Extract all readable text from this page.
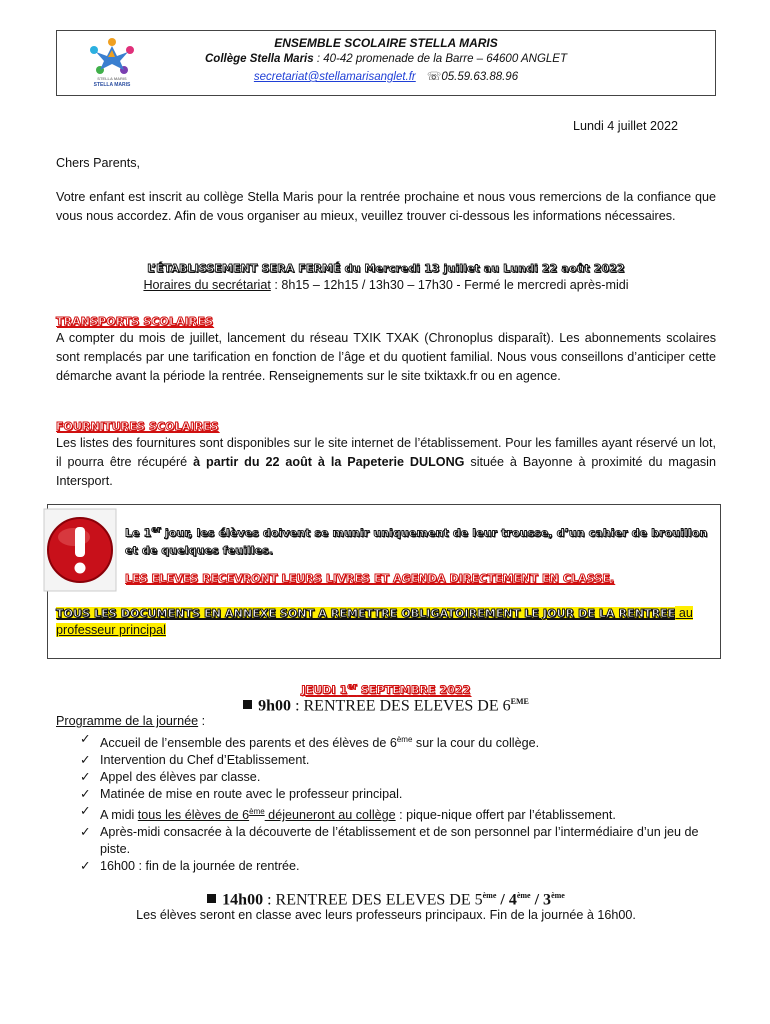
STELLA MARIS
STELLA MARIS
ENSEMBLE SCOLAIRE STELLA MARIS
Collège Stella Maris : 40-42 promenade de la Barre – 64600 ANGLET
secretariat@stellamarisanglet.fr ☏05.59.63.88.96
Lundi 4 juillet 2022
Chers Parents,
Votre enfant est inscrit au collège Stella Maris pour la rentrée prochaine et nous vous remercions de la confiance que vous nous accordez. Afin de vous organiser au mieux, veuillez trouver ci-dessous les informations nécessaires.
L’ÉTABLISSEMENT SERA FERMÉ du Mercredi 13 juillet au Lundi 22 août 2022
Horaires du secrétariat : 8h15 – 12h15 / 13h30 – 17h30 - Fermé le mercredi après-midi
TRANSPORTS SCOLAIRES
A compter du mois de juillet, lancement du réseau TXIK TXAK (Chronoplus disparaît). Les abonnements scolaires sont remplacés par une tarification en fonction de l’âge et du quotient familial. Nous vous conseillons d’anticiper cette démarche avant la période la rentrée. Renseignements sur le site txiktaxk.fr ou en agence.
FOURNITURES SCOLAIRES
Les listes des fournitures sont disponibles sur le site internet de l’établissement. Pour les familles ayant réservé un lot, il pourra être récupéré à partir du 22 août à la Papeterie DULONG située à Bayonne à proximité du magasin Intersport.
Le 1er jour, les élèves doivent se munir uniquement de leur trousse, d’un cahier de brouillon et de quelques feuilles.
LES ELEVES RECEVRONT LEURS LIVRES ET AGENDA DIRECTEMENT EN CLASSE.
TOUS LES DOCUMENTS EN ANNEXE SONT A REMETTRE OBLIGATOIREMENT LE JOUR DE LA RENTREE au professeur principal
JEUDI 1er SEPTEMBRE 2022
9h00 : RENTREE DES ELEVES DE 6EME
Programme de la journée :
✓ Accueil de l’ensemble des parents et des élèves de 6ème sur la cour du collège.
✓ Intervention du Chef d’Etablissement.
✓ Appel des élèves par classe.
✓ Matinée de mise en route avec le professeur principal.
✓ A midi tous les élèves de 6ème déjeuneront au collège : pique-nique offert par l’établissement.
✓ Après-midi consacrée à la découverte de l’établissement et de son personnel par l’intermédiaire d’un jeu de piste.
✓ 16h00 : fin de la journée de rentrée.
14h00 : RENTREE DES ELEVES DE 5ème / 4ème / 3ème
Les élèves seront en classe avec leurs professeurs principaux. Fin de la journée à 16h00.
